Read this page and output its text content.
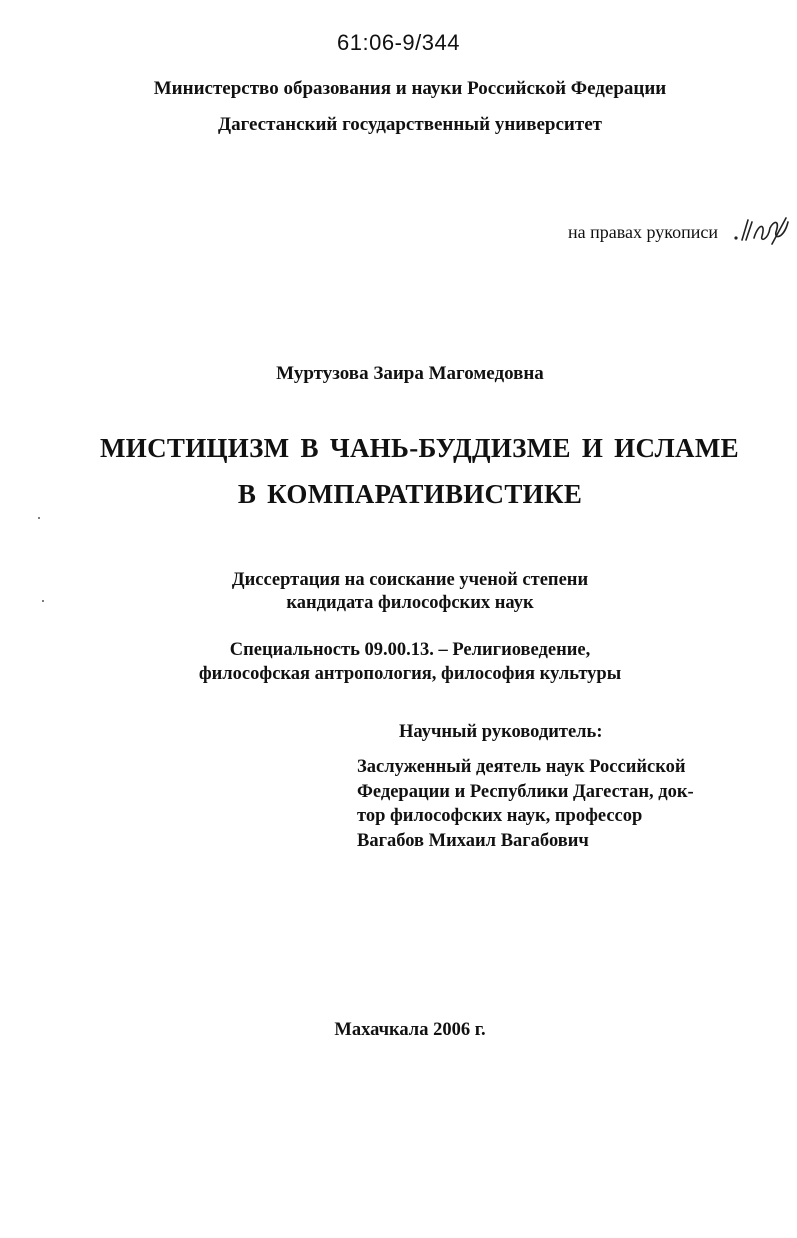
61:06-9/344
Министерство образования и науки Российской Федерации
Дагестанский государственный университет
на правах рукописи
Муртузова Заира Магомедовна
МИСТИЦИЗМ В ЧАНЬ-БУДДИЗМЕ И ИСЛАМЕ
В КОМПАРАТИВИСТИКЕ
Диссертация на соискание ученой степени
кандидата философских наук
Специальность 09.00.13. – Религиоведение,
философская антропология, философия культуры
Научный руководитель:
Заслуженный деятель наук Российской
Федерации и Республики Дагестан, док-
тор философских наук, профессор
Вагабов Михаил Вагабович
Махачкала 2006 г.
